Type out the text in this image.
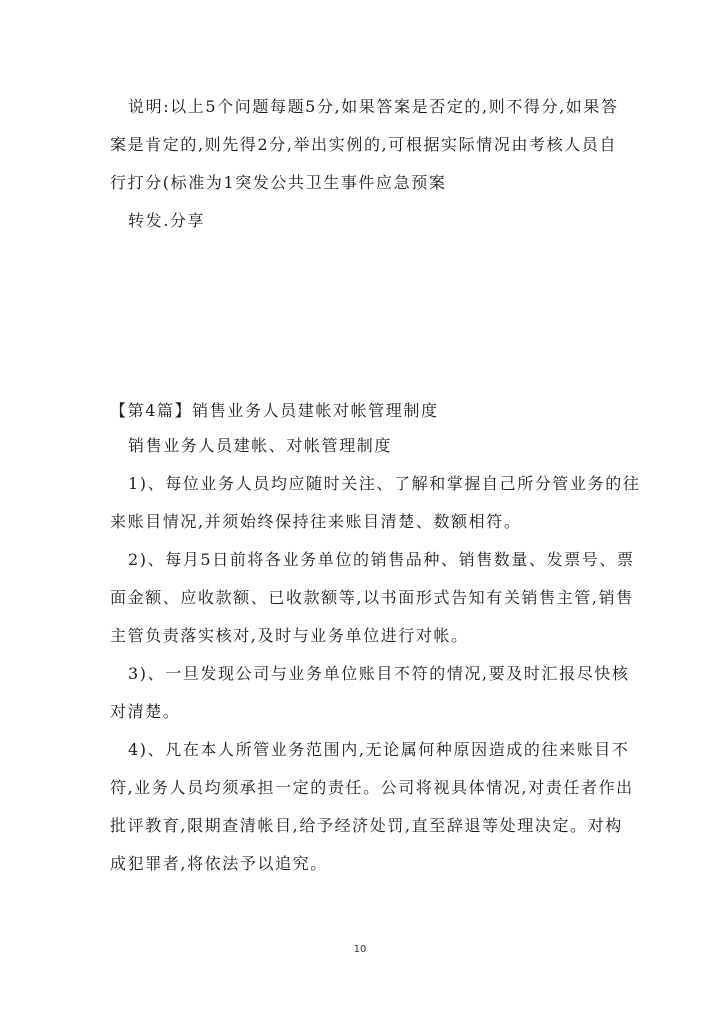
说明:以上5个问题每题5分,如果答案是否定的,则不得分,如果答
案是肯定的,则先得2分,举出实例的,可根据实际情况由考核人员自
行打分(标准为1突发公共卫生事件应急预案

转发.分享

【第4篇】销售业务人员建帐对帐管理制度

销售业务人员建帐、对帐管理制度

1)、每位业务人员均应随时关注、了解和掌握自己所分管业务的往
来账目情况,并须始终保持往来账目清楚、数额相符。

2)、每月5日前将各业务单位的销售品种、销售数量、发票号、票
面金额、应收款额、已收款额等,以书面形式告知有关销售主管,销售
主管负责落实核对,及时与业务单位进行对帐。

3)、一旦发现公司与业务单位账目不符的情况,要及时汇报尽快核
对清楚。

4)、凡在本人所管业务范围内,无论属何种原因造成的往来账目不
符,业务人员均须承担一定的责任。公司将视具体情况,对责任者作出
批评教育,限期查清帐目,给予经济处罚,直至辞退等处理决定。对构
成犯罪者,将依法予以追究。

10
